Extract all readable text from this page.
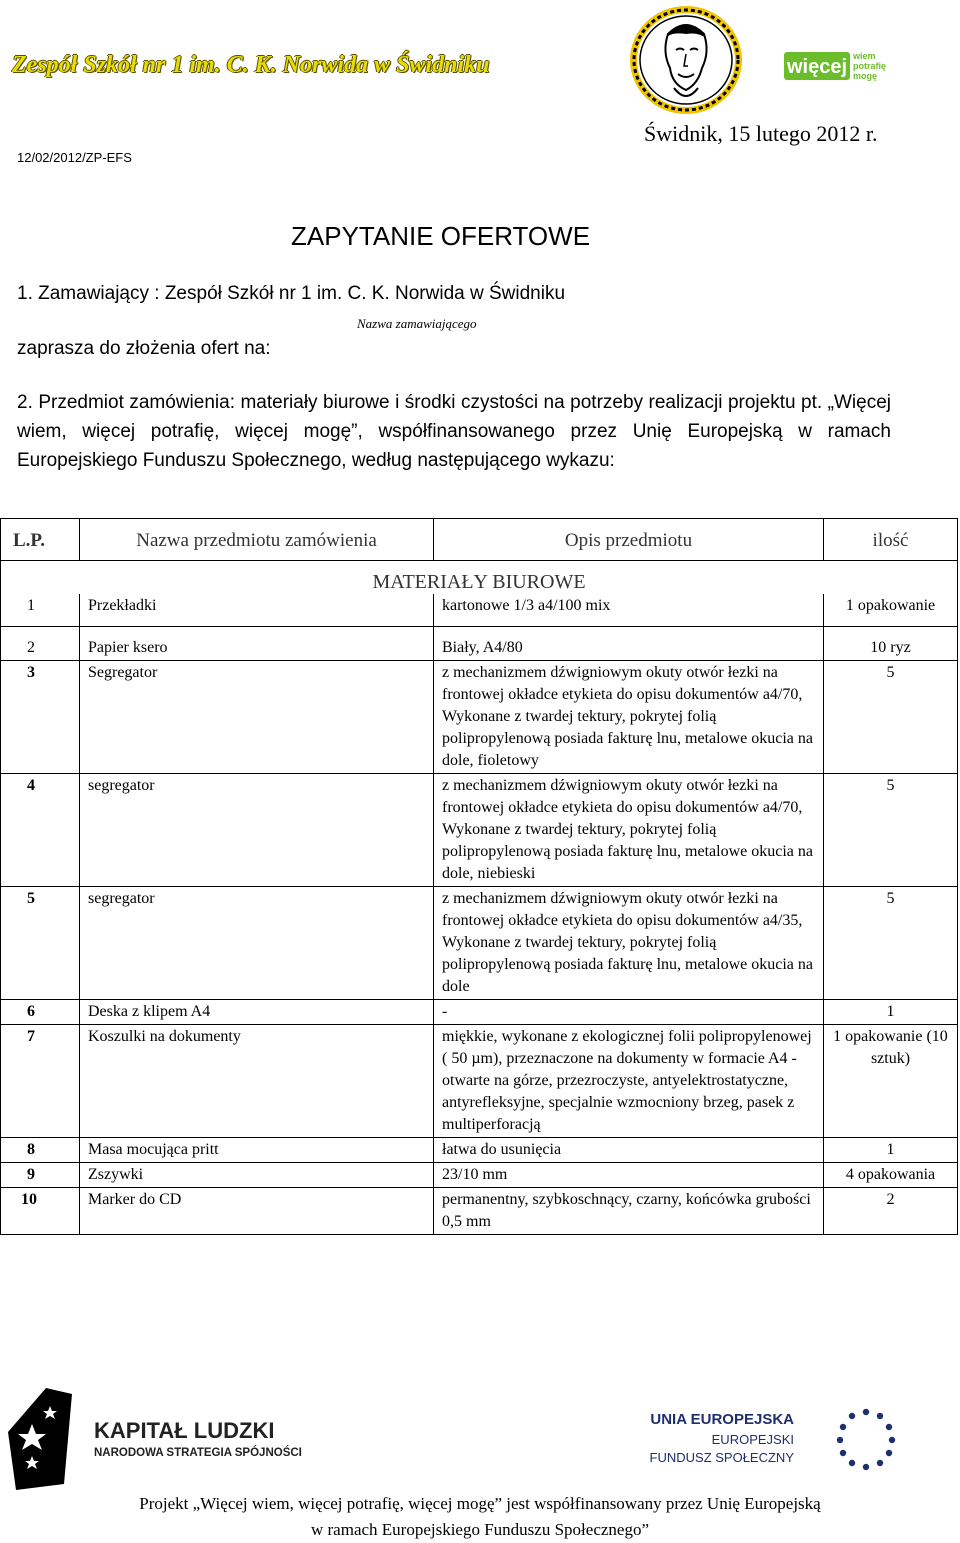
Zespół Szkół nr 1 im. C. K. Norwida w Świdniku	więcej wiem
potrafię
mogę
12/02/2012/ZP-EFS
Świdnik, 15 lutego 2012 r.
ZAPYTANIE OFERTOWE
1. Zamawiający : Zespół Szkół nr 1 im. C. K. Norwida w Świdniku
Nazwa zamawiającego
zaprasza do złożenia ofert na:
2. Przedmiot zamówienia: materiały biurowe i środki czystości na potrzeby realizacji projektu pt. „Więcej wiem, więcej potrafię, więcej mogę”, współfinansowanego przez Unię Europejską w ramach Europejskiego Funduszu Społecznego, według następującego wykazu:
L.P.	Nazwa przedmiotu zamówienia	Opis przedmiotu	ilość
MATERIAŁY BIUROWE			
1	Przekładki	kartonowe 1/3 a4/100 mix	1 opakowanie
2	Papier ksero	Biały, A4/80	10 ryz
3	Segregator	z mechanizmem dźwigniowym okuty otwór łezki na frontowej okładce etykieta do opisu dokumentów a4/70, Wykonane z twardej tektury, pokrytej folią polipropylenową posiada fakturę lnu, metalowe okucia na dole, fioletowy	5
4	segregator	z mechanizmem dźwigniowym okuty otwór łezki na frontowej okładce etykieta do opisu dokumentów a4/70, Wykonane z twardej tektury, pokrytej folią polipropylenową posiada fakturę lnu, metalowe okucia na dole, niebieski	5
5	segregator	z mechanizmem dźwigniowym okuty otwór łezki na frontowej okładce etykieta do opisu dokumentów a4/35, Wykonane z twardej tektury, pokrytej folią polipropylenową posiada fakturę lnu, metalowe okucia na dole	5
6	Deska z klipem A4	-	1
7	Koszulki na dokumenty	miękkie, wykonane z ekologicznej folii polipropylenowej ( 50 µm), przeznaczone na dokumenty w formacie A4 - otwarte na górze, przezroczyste, antyelektrostatyczne, antyrefleksyjne, specjalnie wzmocniony brzeg, pasek z multiperforacją	1 opakowanie (10 sztuk)
8	Masa mocująca pritt	łatwa do usunięcia	1
9	Zszywki	23/10 mm	4 opakowania
10	Marker do CD	permanentny, szybkoschnący, czarny, końcówka grubości 0,5 mm	2
KAPITAŁ LUDZKI
NARODOWA STRATEGIA SPÓJNOŚCI
UNIA EUROPEJSKA
EUROPEJSKI
FUNDUSZ SPOŁECZNY
Projekt „Więcej wiem, więcej potrafię, więcej mogę” jest współfinansowany przez Unię Europejską
w ramach Europejskiego Funduszu Społecznego”
